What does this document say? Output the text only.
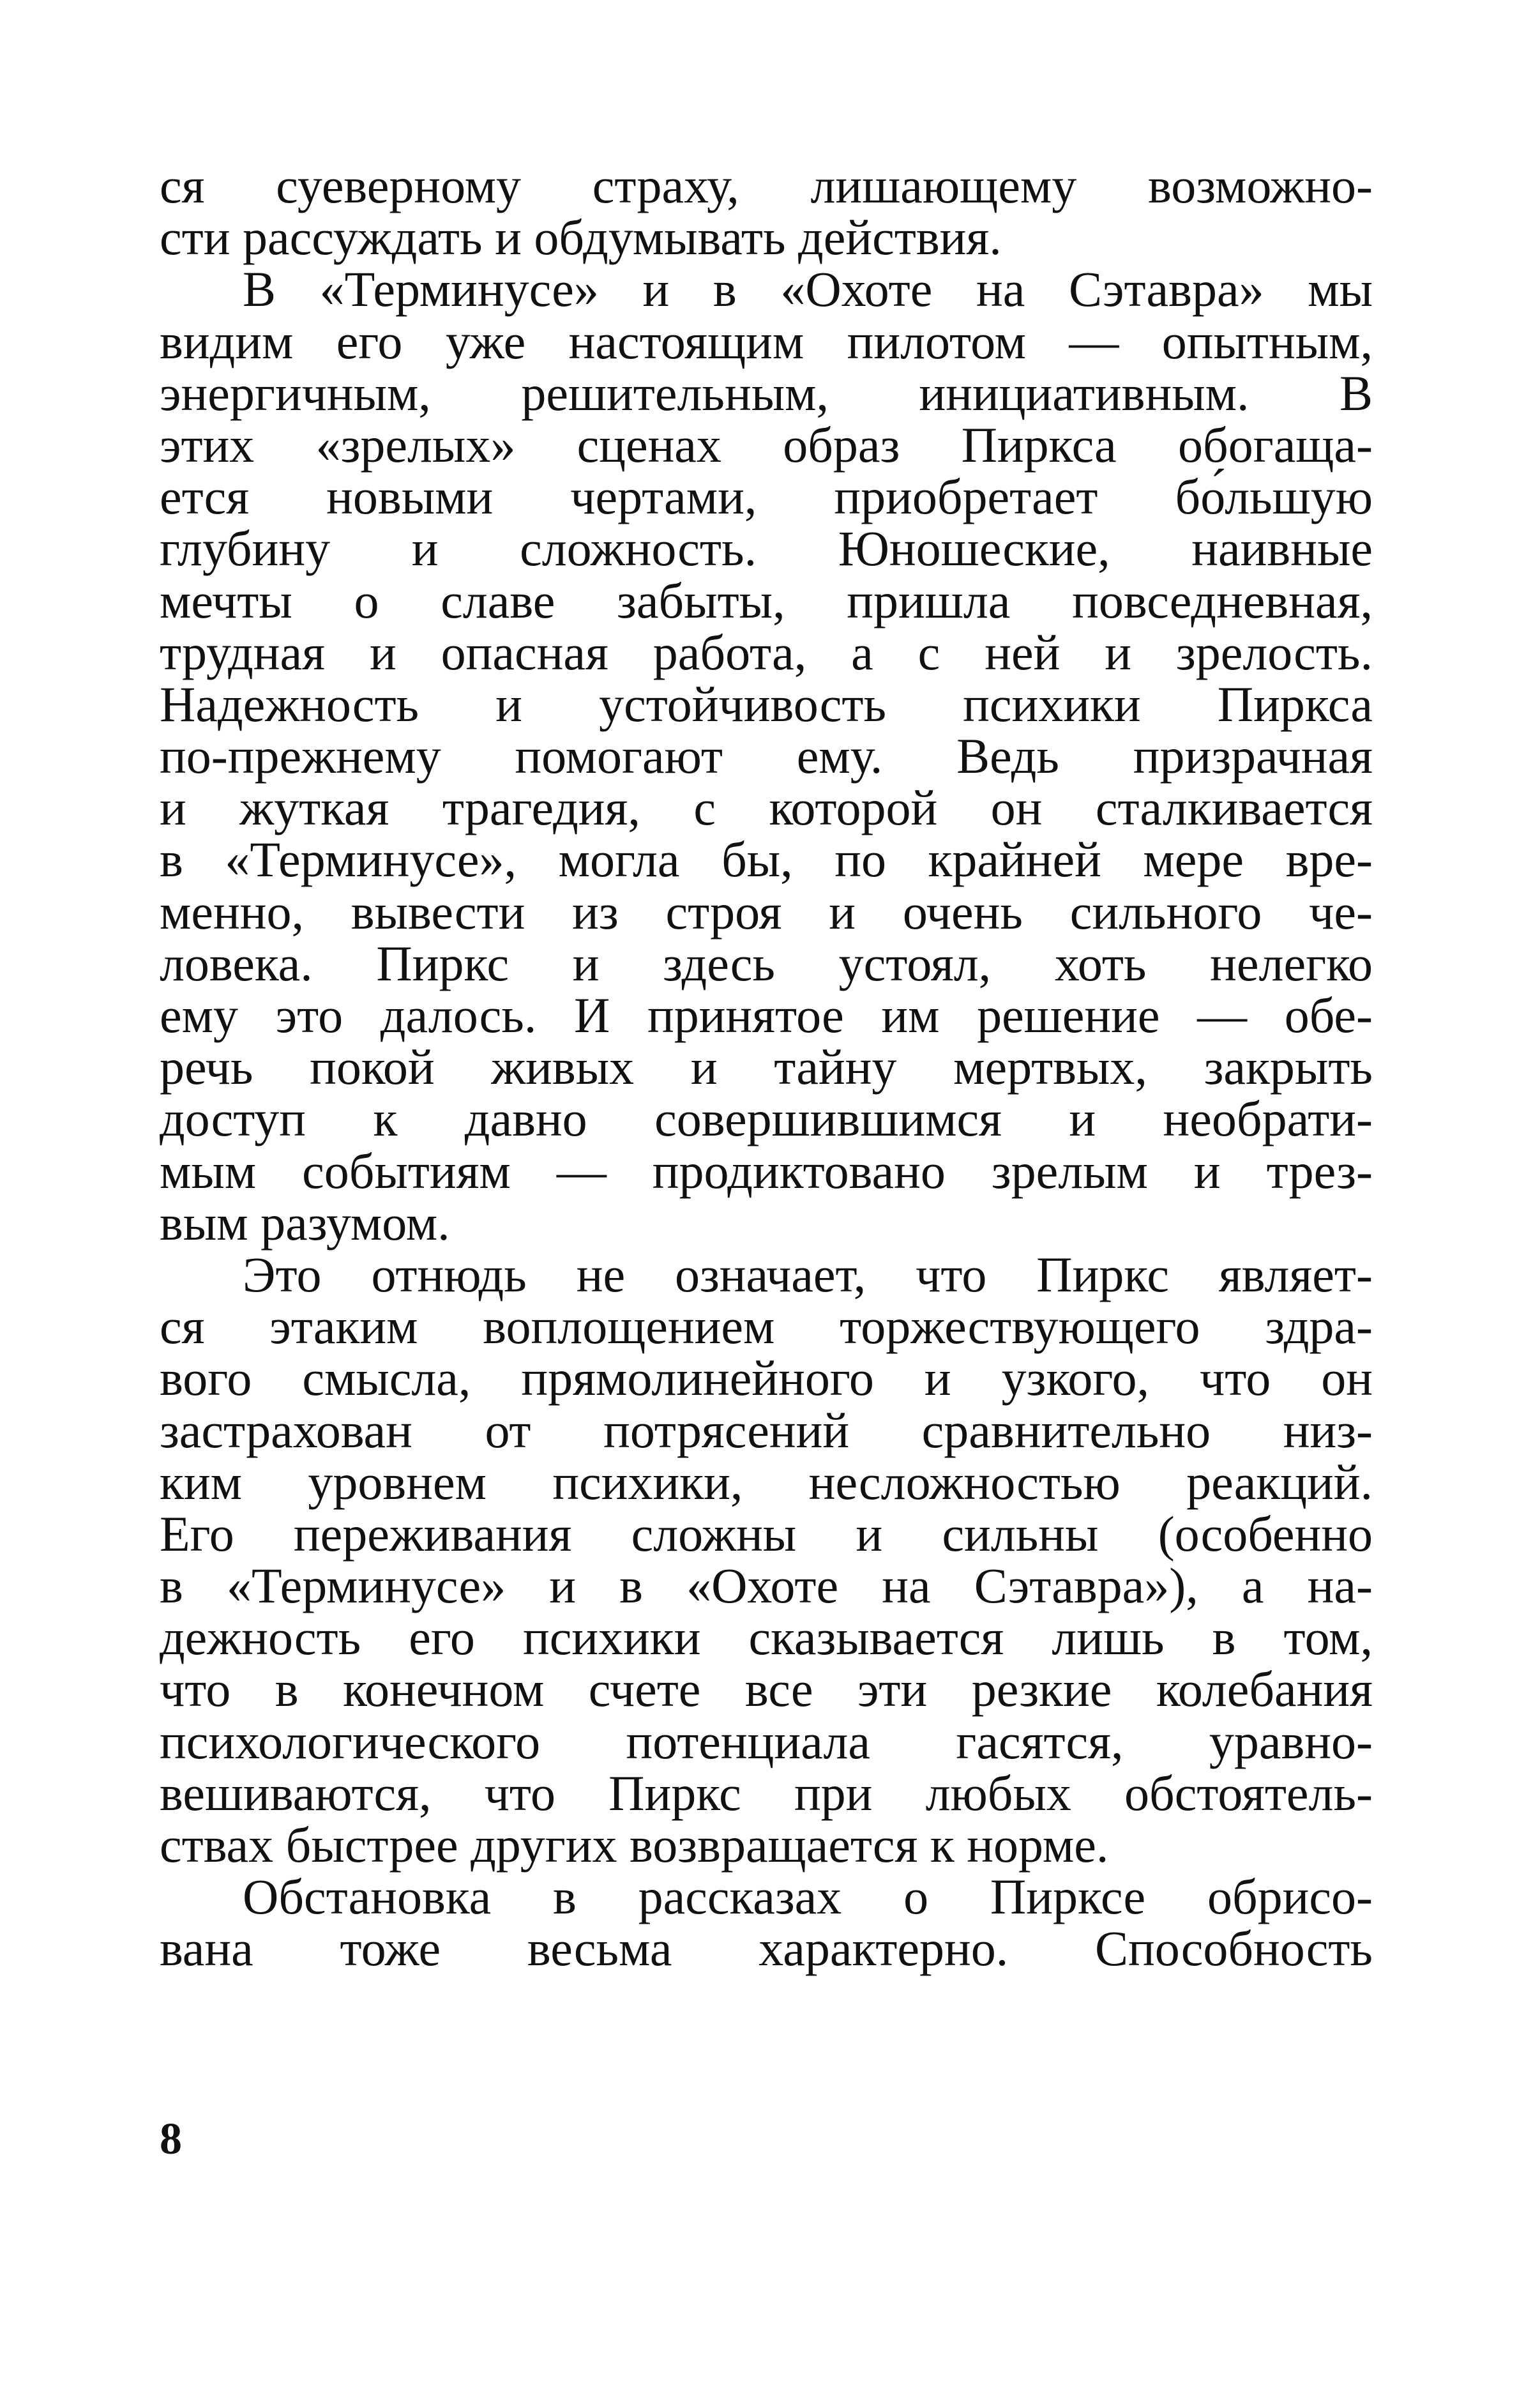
ся суеверному страху, лишающему возможно-
сти рассуждать и обдумывать действия.
В «Терминусе» и в «Охоте на Сэтавра» мы
видим его уже настоящим пилотом — опытным,
энергичным, решительным, инициативным. В
этих «зрелых» сценах образ Пиркса обогаща-
ется новыми чертами, приобретает бо́льшую
глубину и сложность. Юношеские, наивные
мечты о славе забыты, пришла повседневная,
трудная и опасная работа, а с ней и зрелость.
Надежность и устойчивость психики Пиркса
по-прежнему помогают ему. Ведь призрачная
и жуткая трагедия, с которой он сталкивается
в «Терминусе», могла бы, по крайней мере вре-
менно, вывести из строя и очень сильного че-
ловека. Пиркс и здесь устоял, хоть нелегко
ему это далось. И принятое им решение — обе-
речь покой живых и тайну мертвых, закрыть
доступ к давно совершившимся и необрати-
мым событиям — продиктовано зрелым и трез-
вым разумом.
Это отнюдь не означает, что Пиркс являет-
ся этаким воплощением торжествующего здра-
вого смысла, прямолинейного и узкого, что он
застрахован от потрясений сравнительно низ-
ким уровнем психики, несложностью реакций.
Его переживания сложны и сильны (особенно
в «Терминусе» и в «Охоте на Сэтавра»), а на-
дежность его психики сказывается лишь в том,
что в конечном счете все эти резкие колебания
психологического потенциала гасятся, уравно-
вешиваются, что Пиркс при любых обстоятель-
ствах быстрее других возвращается к норме.
Обстановка в рассказах о Пирксе обрисо-
вана тоже весьма характерно. Способность
8
